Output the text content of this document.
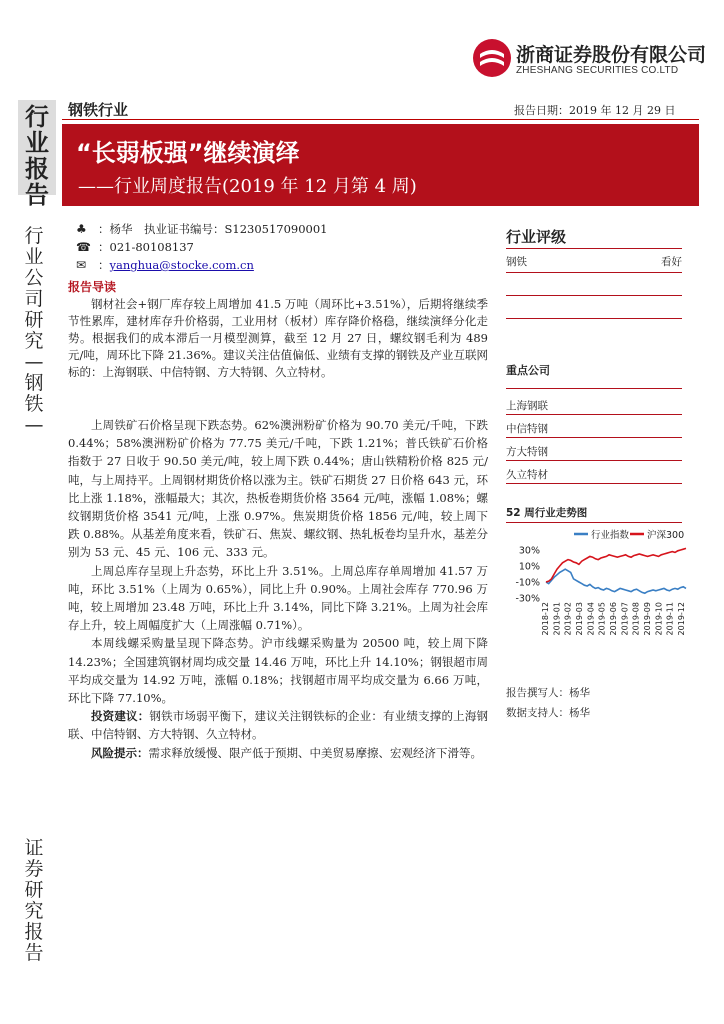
浙商证券股份有限公司
ZHESHANG SECURITIES CO.LTD
行业报告
钢铁行业	报告日期：2019 年 12 月 29 日
“长弱板强”继续演绎
——行业周度报告(2019 年 12 月第 4 周)
行业公司研究—钢铁—
证券研究报告
♣ ：杨华　执业证书编号：S1230517090001
☎ ：021-80108137
✉	： yanghua@stocke.com.cn
报告导读
钢材社会+钢厂库存较上周增加 41.5 万吨（周环比+3.51%），后期将继续季节性累库，建材库存升价格弱，工业用材（板材）库存降价格稳，继续演绎分化走势。根据我们的成本滞后一月模型测算，截至 12 月 27 日，螺纹钢毛利为 489 元/吨，周环比下降 21.36%。建议关注估值偏低、业绩有支撑的钢铁及产业互联网标的：上海钢联、中信特钢、方大特钢、久立特材。

上周铁矿石价格呈现下跌态势。62%澳洲粉矿价格为 90.70 美元/千吨，下跌 0.44%；58%澳洲粉矿价格为 77.75 美元/千吨，下跌 1.21%；普氏铁矿石价格指数于 27 日收于 90.50 美元/吨，较上周下跌 0.44%；唐山铁精粉价格 825 元/吨，与上周持平。上周钢材期货价格以涨为主。铁矿石期货 27 日价格 643 元，环比上涨 1.18%，涨幅最大；其次，热板卷期货价格 3564 元/吨，涨幅 1.08%；螺纹钢期货价格 3541 元/吨，上涨 0.97%。焦炭期货价格 1856 元/吨，较上周下跌 0.88%。从基差角度来看，铁矿石、焦炭、螺纹钢、热轧板卷均呈升水，基差分别为 53 元、45 元、106 元、333 元。

上周总库存呈现上升态势，环比上升 3.51%。上周总库存单周增加 41.57 万吨，环比 3.51%（上周为 0.65%），同比上升 0.90%。上周社会库存 770.96 万吨，较上周增加 23.48 万吨，环比上升 3.14%，同比下降 3.21%。上周为社会库存上升，较上周幅度扩大（上周涨幅 0.71%）。

本周线螺采购量呈现下降态势。沪市线螺采购量为 20500 吨，较上周下降 14.23%；全国建筑钢材周均成交量 14.46 万吨，环比上升 14.10%；钢银超市周平均成交量为 14.92 万吨，涨幅 0.18%；找钢超市周平均成交量为 6.66 万吨，环比下降 77.10%。

投资建议：钢铁市场弱平衡下，建议关注钢铁标的企业：有业绩支撑的上海钢联、中信特钢、方大特钢、久立特材。

风险提示：需求释放缓慢、限产低于预期、中美贸易摩擦、宏观经济下滑等。

行业评级
钢铁	看好
重点公司
上海钢联
中信特钢
方大特钢
久立特材
52 周行业走势图
行业指数 沪深300
30%
10%
-10%
-30%
2018-12 2019-01 2019-02 2019-03 2019-04 2019-05 2019-06 2019-07 2019-08 2019-09 2019-10 2019-11 2019-12
报告撰写人：杨华
数据支持人：杨华
